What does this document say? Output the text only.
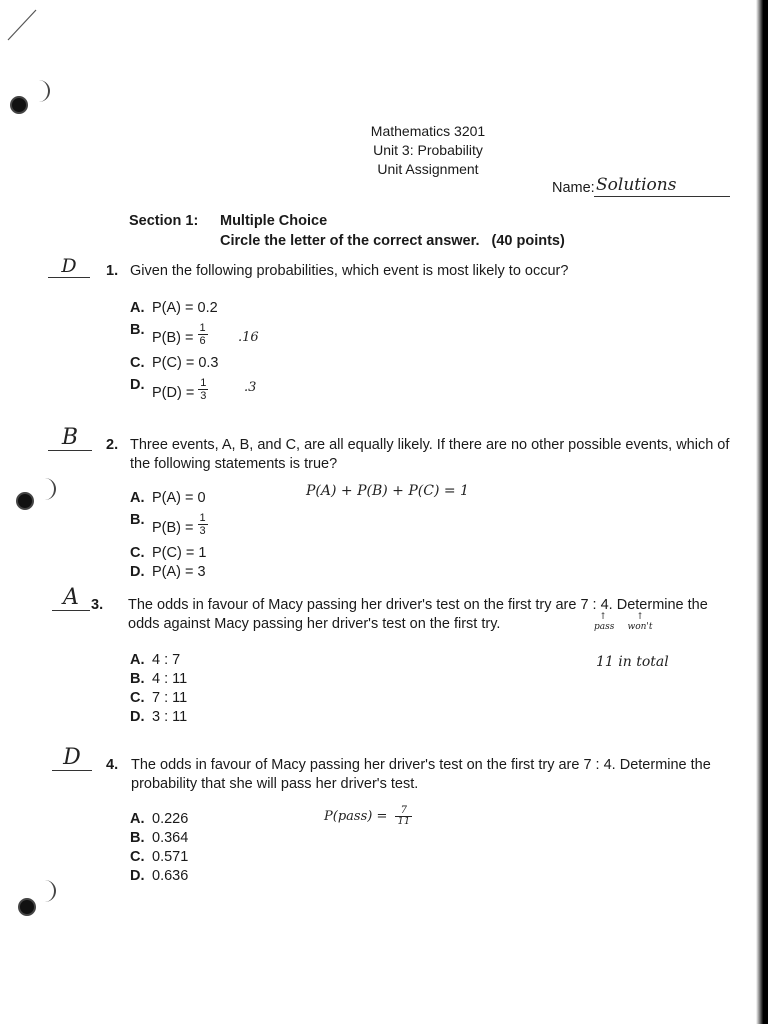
Mathematics 3201
Unit 3: Probability
Unit Assignment
Name: Solutions
Section 1: Multiple Choice
Circle the letter of the correct answer. (40 points)
D	1. Given the following probabilities, which event is most likely to occur?
A. P(A) = 0.2
B. $P(B) = \frac{1}{6} .16$
C. P(C) = 0.3
D. $P(D) = \frac{1}{3}$	.3
B	2. Three events, A, B, and C, are all equally likely. If there are no other possible events, which of the following statements is true?
A. P(A) = 0	P(A) + P(B) + P(C) = 1
B. $P(B) = \frac{1}{3}$
C. P(C) = 1
D. P(A) = 3
A 3. The odds in favour of Macy passing her driver's test on the first try are 7 : 4. Determine the odds against Macy passing her driver's test on the first try.	↑
pass
↑
won't
11 in total
A. 4 : 7
B. 4 : 11
C. 7 : 11
D. 3 : 11
D	4. The odds in favour of Macy passing her driver's test on the first try are 7 : 4. Determine the probability that she will pass her driver's test.
A. 0.226	P(pass) = $\frac{7}{11}$
B. 0.364
C. 0.571
D. 0.636
